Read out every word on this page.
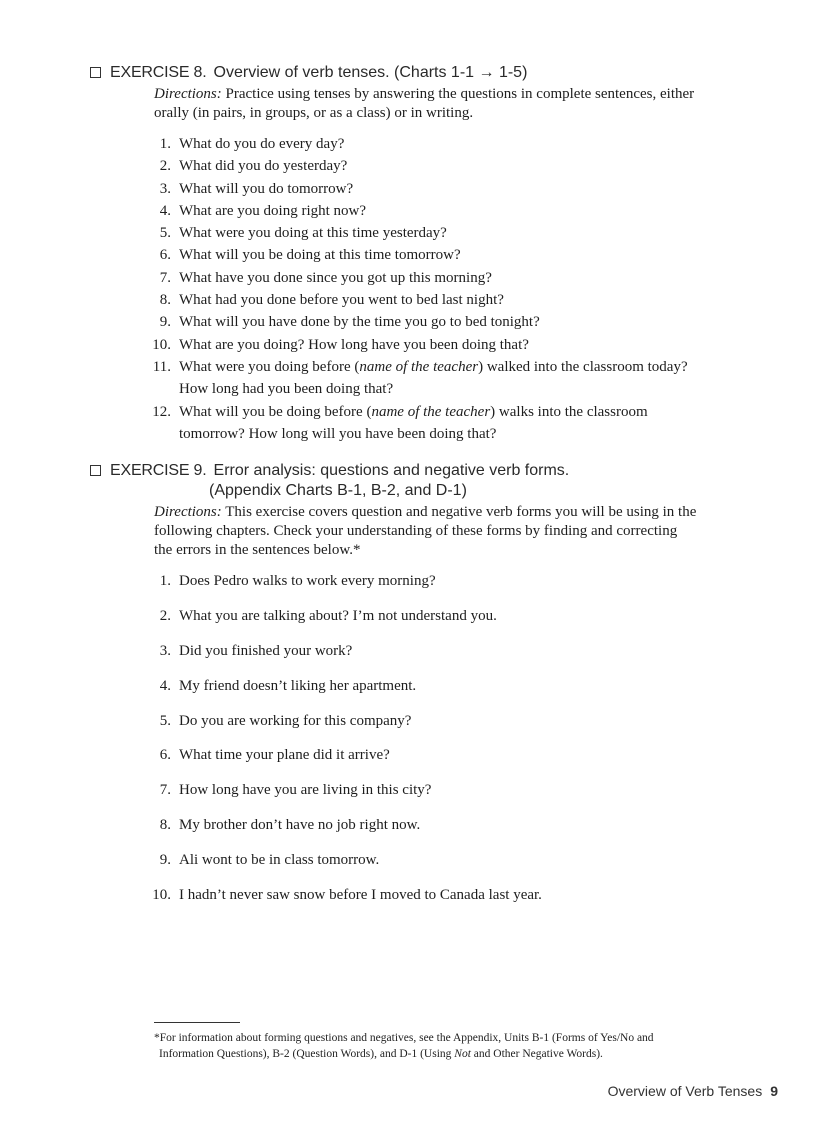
EXERCISE 8. Overview of verb tenses. (Charts 1-1 → 1-5)
Directions: Practice using tenses by answering the questions in complete sentences, either
orally (in pairs, in groups, or as a class) or in writing.
1. What do you do every day?
2. What did you do yesterday?
3. What will you do tomorrow?
4. What are you doing right now?
5. What were you doing at this time yesterday?
6. What will you be doing at this time tomorrow?
7. What have you done since you got up this morning?
8. What had you done before you went to bed last night?
9. What will you have done by the time you go to bed tonight?
10. What are you doing? How long have you been doing that?
11. What were you doing before (name of the teacher) walked into the classroom today?
How long had you been doing that?
12. What will you be doing before (name of the teacher) walks into the classroom
tomorrow? How long will you have been doing that?
EXERCISE 9. Error analysis: questions and negative verb forms.
(Appendix Charts B-1, B-2, and D-1)
Directions: This exercise covers question and negative verb forms you will be using in the
following chapters. Check your understanding of these forms by finding and correcting
the errors in the sentences below.*
1. Does Pedro walks to work every morning?
2. What you are talking about? I’m not understand you.
3. Did you finished your work?
4. My friend doesn’t liking her apartment.
5. Do you are working for this company?
6. What time your plane did it arrive?
7. How long have you are living in this city?
8. My brother don’t have no job right now.
9. Ali wont to be in class tomorrow.
10. I hadn’t never saw snow before I moved to Canada last year.
*For information about forming questions and negatives, see the Appendix, Units B-1 (Forms of Yes/No and
Information Questions), B-2 (Question Words), and D-1 (Using Not and Other Negative Words).
Overview of Verb Tenses 9
